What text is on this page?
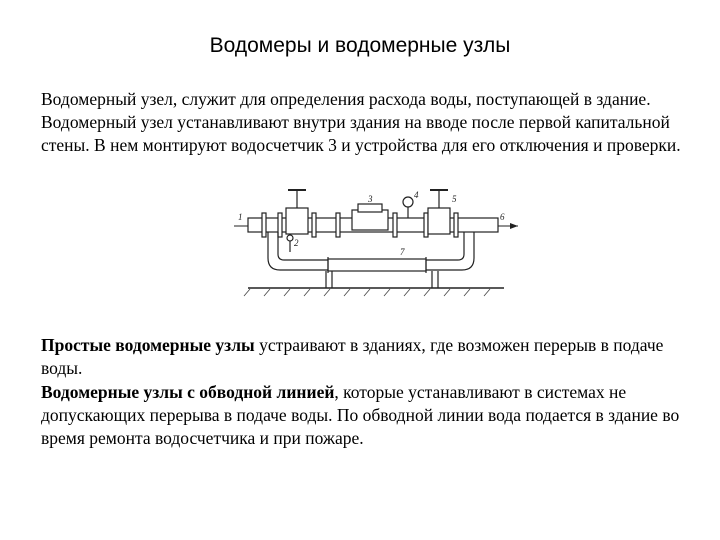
Водомеры и водомерные узлы

Водомерный узел, служит для определения расхода воды, поступающей в здание. Водомерный узел устанавливают внутри здания на вводе после первой капитальной стены. В нем монтируют водосчетчик 3 и устройства для его отключения и проверки.

1
2
3	4	5
6
7

Простые водомерные узлы устраивают в зданиях, где возможен перерыв в подаче воды.

Водомерные узлы с обводной линией, которые устанавливают в системах не допускающих перерыва в подаче воды. По обводной линии вода подается в здание во время ремонта водосчетчика и при пожаре.
